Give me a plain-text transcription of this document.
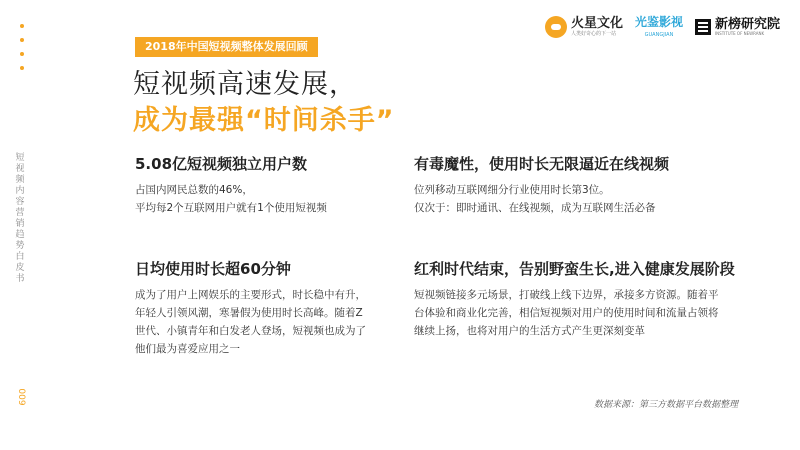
短视频内容营销趋势白皮书
009
火星文化
人类好奇心的下一站
光鉴影视
GUANGJIAN
新榜研究院
INSTITUTE OF NEWRANK
2018年中国短视频整体发展回顾
短视频高速发展，
成为最强“时间杀手”
5.08亿短视频独立用户数
占国内网民总数的46%，
平均每2个互联网用户就有1个使用短视频
有毒魔性，使用时长无限逼近在线视频
位列移动互联网细分行业使用时长第3位。
仅次于：即时通讯、在线视频，成为互联网生活必备
日均使用时长超60分钟
成为了用户上网娱乐的主要形式，时长稳中有升，
年轻人引领风潮，寒暑假为使用时长高峰。随着Z
世代、小镇青年和白发老人登场，短视频也成为了
他们最为喜爱应用之一
红利时代结束，告别野蛮生长,进入健康发展阶段
短视频链接多元场景，打破线上线下边界，承接多方资源。随着平
台体验和商业化完善，相信短视频对用户的使用时间和流量占领将
继续上扬，也将对用户的生活方式产生更深刻变革
数据来源：第三方数据平台数据整理
